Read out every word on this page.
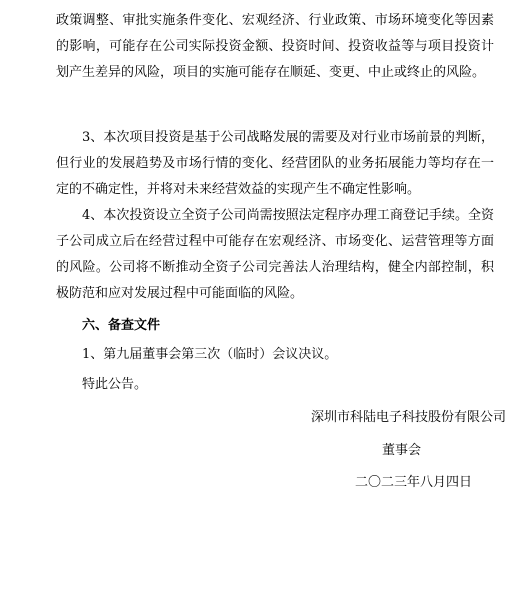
政策调整、审批实施条件变化、宏观经济、行业政策、市场环境变化等因素的影响，可能存在公司实际投资金额、投资时间、投资收益等与项目投资计划产生差异的风险，项目的实施可能存在顺延、变更、中止或终止的风险。

3、本次项目投资是基于公司战略发展的需要及对行业市场前景的判断，但行业的发展趋势及市场行情的变化、经营团队的业务拓展能力等均存在一定的不确定性，并将对未来经营效益的实现产生不确定性影响。

4、本次投资设立全资子公司尚需按照法定程序办理工商登记手续。全资子公司成立后在经营过程中可能存在宏观经济、市场变化、运营管理等方面的风险。公司将不断推动全资子公司完善法人治理结构，健全内部控制，积极防范和应对发展过程中可能面临的风险。

六、备查文件

1、第九届董事会第三次（临时）会议决议。

特此公告。

深圳市科陆电子科技股份有限公司

董事会

二〇二三年八月四日
